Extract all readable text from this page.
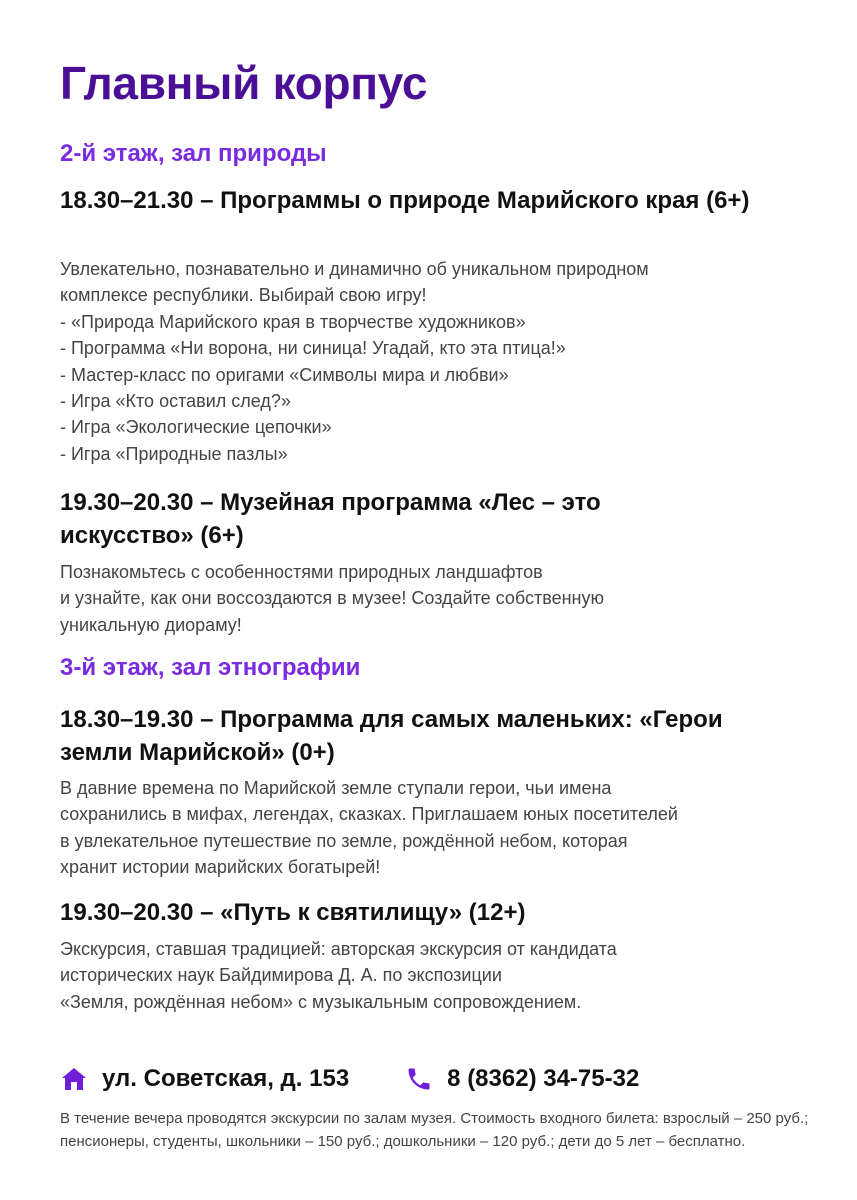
Главный корпус
2-й этаж, зал природы
18.30–21.30 – Программы о природе Марийского края (6+)

Увлекательно, познавательно и динамично об уникальном природном
комплексе республики. Выбирай свою игру!
- «Природа Марийского края в творчестве художников»
- Программа «Ни ворона, ни синица! Угадай, кто эта птица!»
- Мастер-класс по оригами «Символы мира и любви»
- Игра «Кто оставил след?»
- Игра «Экологические цепочки»
- Игра «Природные пазлы»

19.30–20.30 – Музейная программа «Лес – это искусство» (6+)

Познакомьтесь с особенностями природных ландшафтов
и узнайте, как они воссоздаются в музее! Создайте собственную
уникальную диораму!

3-й этаж, зал этнографии
18.30–19.30 – Программа для самых маленьких: «Герои земли Марийской» (0+)

В давние времена по Марийской земле ступали герои, чьи имена
сохранились в мифах, легендах, сказках. Приглашаем юных посетителей
в увлекательное путешествие по земле, рождённой небом, которая
хранит истории марийских богатырей!

19.30–20.30 – «Путь к святилищу» (12+)

Экскурсия, ставшая традицией: авторская экскурсия от кандидата
исторических наук Байдимирова Д. А. по экспозиции
«Земля, рождённая небом» с музыкальным сопровождением.

ул. Советская, д. 153	8 (8362) 34-75-32

В течение вечера проводятся экскурсии по залам музея. Стоимость входного билета: взрослый – 250 руб.; пенсионеры, студенты, школьники – 150 руб.; дошкольники – 120 руб.; дети до 5 лет – бесплатно.
